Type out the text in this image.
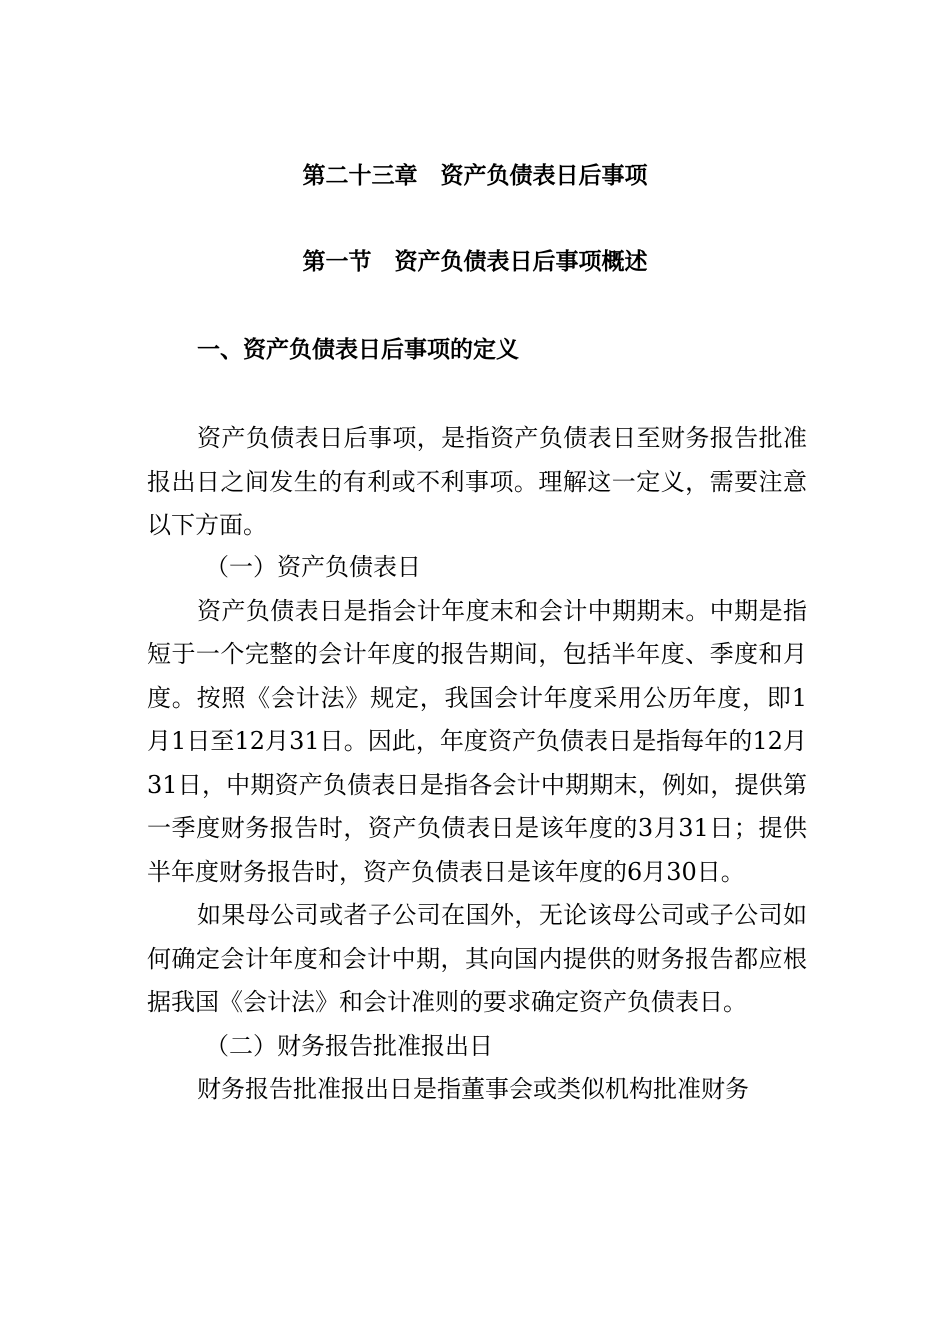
第二十三章　资产负债表日后事项
第一节　资产负债表日后事项概述
一、资产负债表日后事项的定义

资产负债表日后事项，是指资产负债表日至财务报告批准报出日之间发生的有利或不利事项。理解这一定义，需要注意以下方面。

（一）资产负债表日

资产负债表日是指会计年度末和会计中期期末。中期是指短于一个完整的会计年度的报告期间，包括半年度、季度和月度。按照《会计法》规定，我国会计年度采用公历年度，即1月1日至12月31日。因此，年度资产负债表日是指每年的12月31日，中期资产负债表日是指各会计中期期末，例如，提供第一季度财务报告时，资产负债表日是该年度的3月31日；提供半年度财务报告时，资产负债表日是该年度的6月30日。

如果母公司或者子公司在国外，无论该母公司或子公司如何确定会计年度和会计中期，其向国内提供的财务报告都应根据我国《会计法》和会计准则的要求确定资产负债表日。

（二）财务报告批准报出日

财务报告批准报出日是指董事会或类似机构批准财务
